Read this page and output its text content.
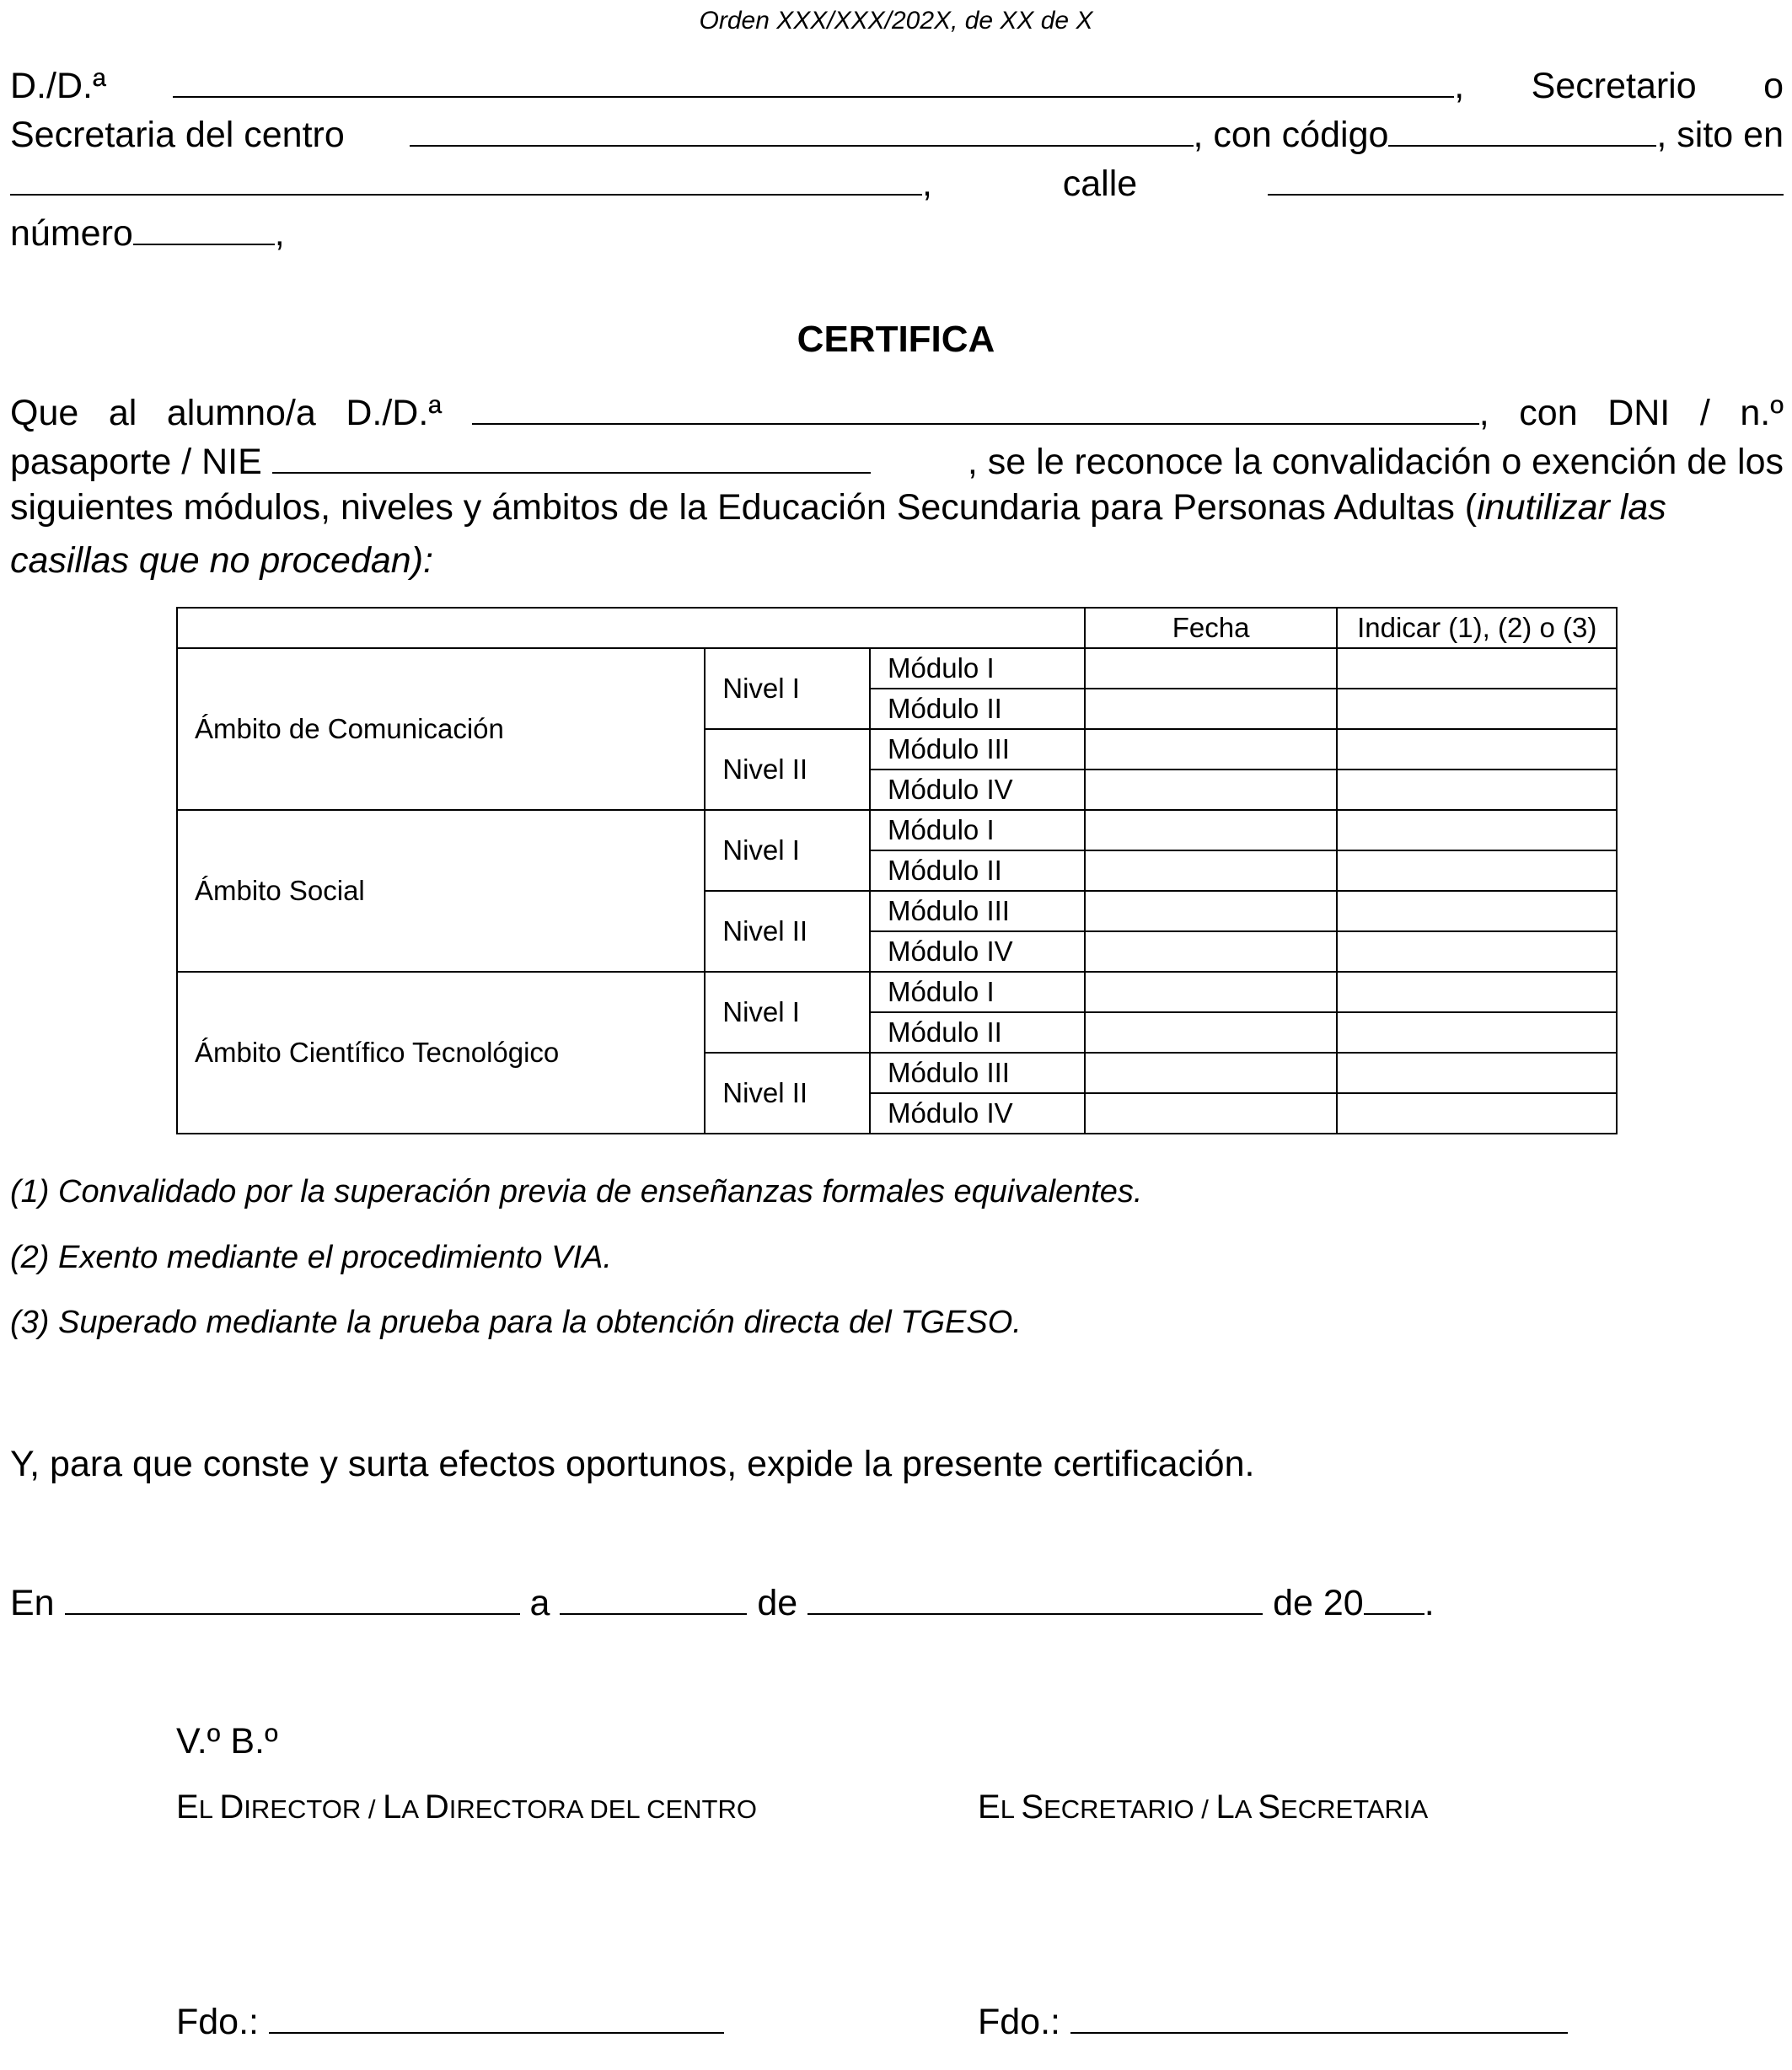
Orden XXX/XXX/202X, de XX de X
D./D.ª	, Secretario o
Secretaria del centro	, con código	, sito en
,	calle
número	,
CERTIFICA
Que al alumno/a D./D.ª	, con DNI / n.º
pasaporte / NIE	, se le reconoce la convalidación o exención de los
siguientes módulos, niveles y ámbitos de la Educación Secundaria para Personas Adultas (inutilizar las
casillas que no procedan):
			Fecha	Indicar (1), (2) o (3)
Ámbito de Comunicación	Nivel I	Módulo I		
		Módulo II		
	Nivel II	Módulo III		
		Módulo IV		
Ámbito Social	Nivel I	Módulo I		
		Módulo II		
	Nivel II	Módulo III		
		Módulo IV		
Ámbito Científico Tecnológico	Nivel I	Módulo I		
		Módulo II		
	Nivel II	Módulo III		
		Módulo IV		
(1) Convalidado por la superación previa de enseñanzas formales equivalentes.
(2) Exento mediante el procedimiento VIA.
(3) Superado mediante la prueba para la obtención directa del TGESO.
Y, para que conste y surta efectos oportunos, expide la presente certificación.
En	a	de	de 20 .
V.º B.º
EL DIRECTOR / LA DIRECTORA DEL CENTRO	EL SECRETARIO / LA SECRETARIA
Fdo.:	Fdo.:
